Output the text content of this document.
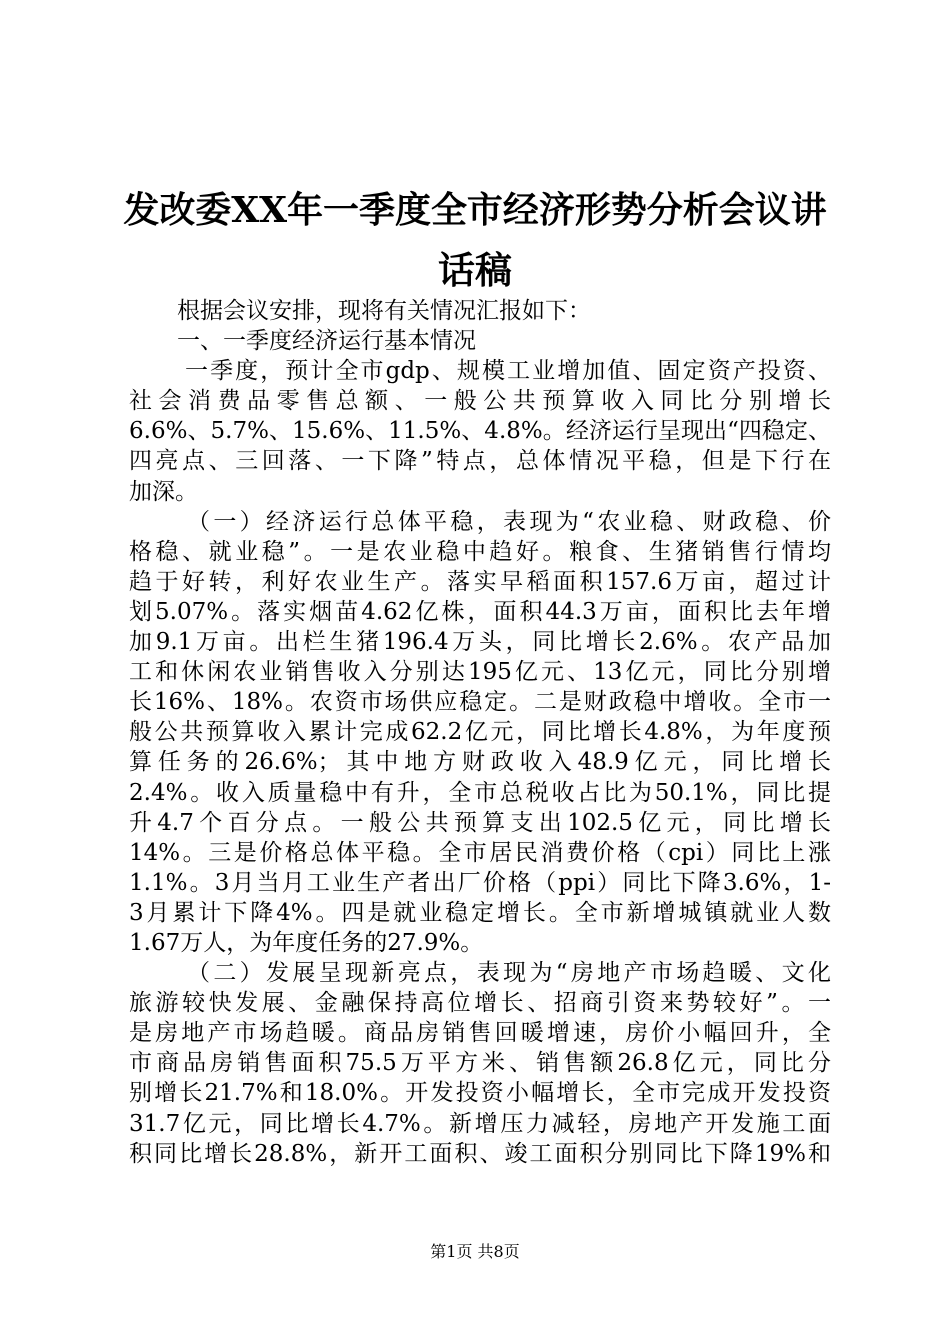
发改委XX年一季度全市经济形势分析会议讲
话稿
根据会议安排，现将有关情况汇报如下：
一、一季度经济运行基本情况
一季度，预计全市gdp、规模工业增加值、固定资产投资、
社会消费品零售总额、一般公共预算收入同比分别增长
6.6%、5.7%、15.6%、11.5%、4.8%。经济运行呈现出“四稳定、
四亮点、三回落、一下降”特点，总体情况平稳，但是下行在
加深。
（一）经济运行总体平稳，表现为“农业稳、财政稳、价
格稳、就业稳”。一是农业稳中趋好。粮食、生猪销售行情均
趋于好转，利好农业生产。落实早稻面积157.6万亩，超过计
划5.07%。落实烟苗4.62亿株，面积44.3万亩，面积比去年增
加9.1万亩。出栏生猪196.4万头，同比增长2.6%。农产品加
工和休闲农业销售收入分别达195亿元、13亿元，同比分别增
长16%、18%。农资市场供应稳定。二是财政稳中增收。全市一
般公共预算收入累计完成62.2亿元，同比增长4.8%，为年度预
算任务的26.6%；其中地方财政收入48.9亿元，同比增长
2.4%。收入质量稳中有升，全市总税收占比为50.1%，同比提
升4.7个百分点。一般公共预算支出102.5亿元，同比增长
14%。三是价格总体平稳。全市居民消费价格（cpi）同比上涨
1.1%。3月当月工业生产者出厂价格（ppi）同比下降3.6%，1-
3月累计下降4%。四是就业稳定增长。全市新增城镇就业人数
1.67万人，为年度任务的27.9%。
（二）发展呈现新亮点，表现为“房地产市场趋暖、文化
旅游较快发展、金融保持高位增长、招商引资来势较好”。一
是房地产市场趋暖。商品房销售回暖增速，房价小幅回升，全
市商品房销售面积75.5万平方米、销售额26.8亿元，同比分
别增长21.7%和18.0%。开发投资小幅增长，全市完成开发投资
31.7亿元，同比增长4.7%。新增压力减轻，房地产开发施工面
积同比增长28.8%，新开工面积、竣工面积分别同比下降19%和
第1页 共8页
